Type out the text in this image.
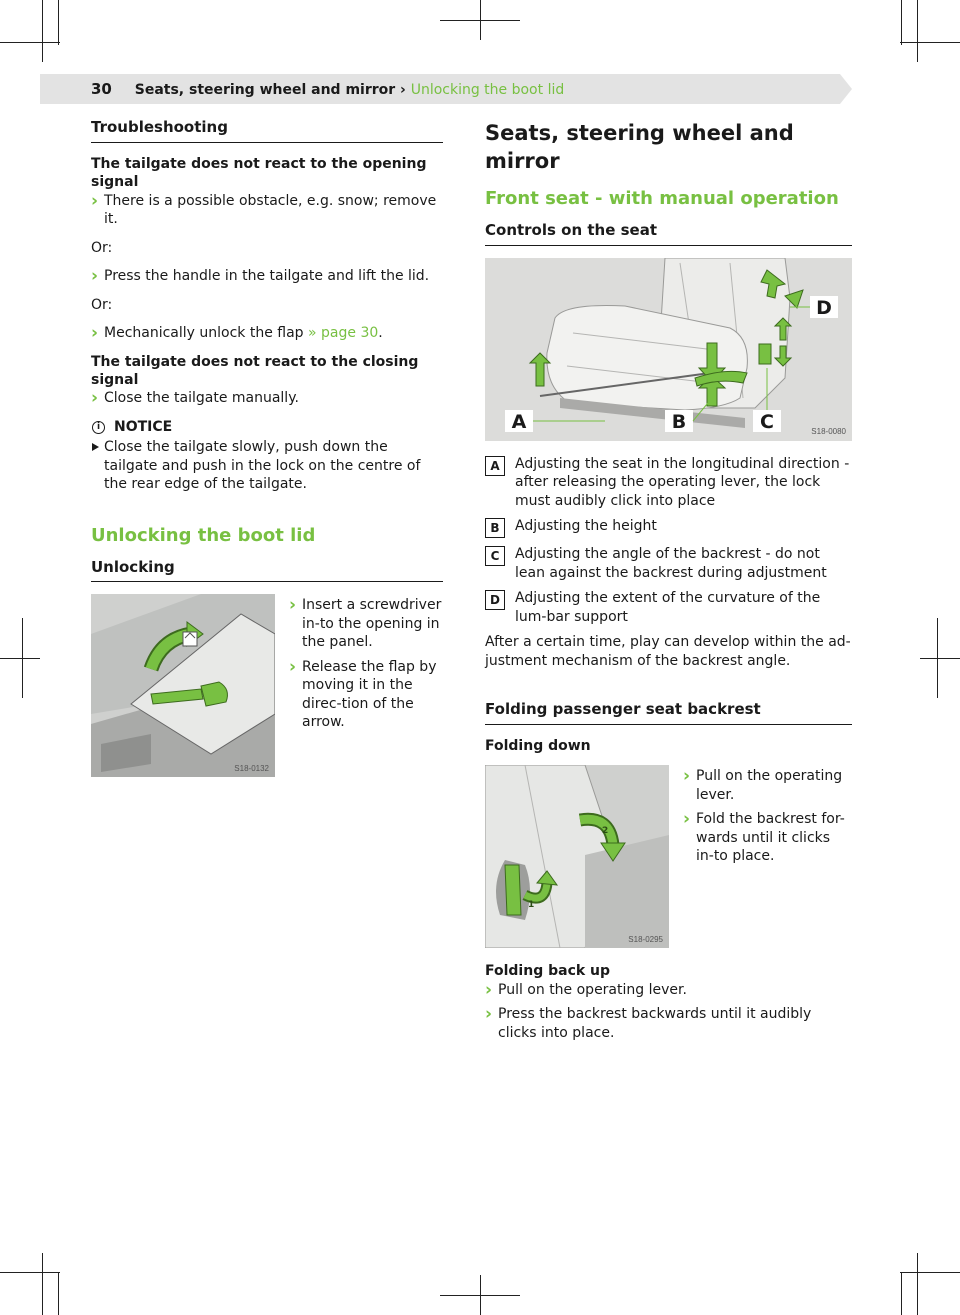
30 Seats, steering wheel and mirror › Unlocking the boot lid
Troubleshooting
The tailgate does not react to the opening signal
› There is a possible obstacle, e.g. snow; remove it.
Or:
› Press the handle in the tailgate and lift the lid.
Or:
› Mechanically unlock the flap » page 30.
The tailgate does not react to the closing signal
› Close the tailgate manually.
i NOTICE
Close the tailgate slowly, push down the tailgate and push in the lock on the centre of the rear edge of the tailgate.
Unlocking the boot lid
Unlocking
S18-0132
› Insert a screwdriver in-to the opening in the panel.
› Release the flap by moving it in the direc-tion of the arrow.
Seats, steering wheel and mirror
Front seat - with manual operation
Controls on the seat
D
A	B	C	S18-0080
A	Adjusting the seat in the longitudinal direction - after releasing the operating lever, the lock must audibly click into place
B	Adjusting the height
C	Adjusting the angle of the backrest - do not lean against the backrest during adjustment
D	Adjusting the extent of the curvature of the lum-bar support
After a certain time, play can develop within the ad-justment mechanism of the backrest angle.
Folding passenger seat backrest
Folding down
1
2
S18-0295
› Pull on the operating lever.
› Fold the backrest for-wards until it clicks in-to place.
Folding back up
› Pull on the operating lever.
› Press the backrest backwards until it audibly clicks into place.
